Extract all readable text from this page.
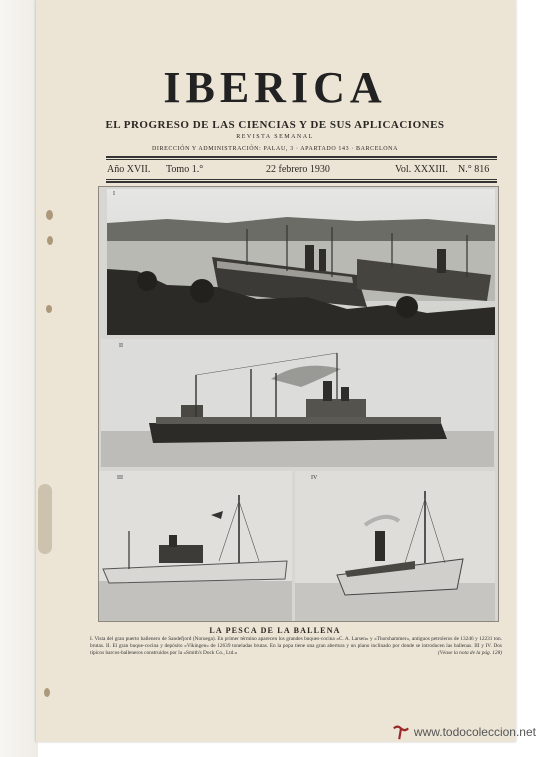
IBERICA
EL PROGRESO DE LAS CIENCIAS Y DE SUS APLICACIONES
REVISTA SEMANAL
DIRECCIÓN Y ADMINISTRACIÓN: PALAU, 3 · APARTADO 143 · BARCELONA
Año XVII. Tomo 1.°	22 febrero 1930	Vol. XXXIII. N.° 816
I
II
III	IV
LA PESCA DE LA BALLENA
I. Vista del gran puerto ballenero de Sandefjord (Noruega). En primer término aparecen los grandes buques-cocina «C. A. Larsen» y «Thorshammer», antiguos petroleros de 13246 y 12231 ton. brutas. II. El gran buque-cocina y depósito «Vikingen» de 12639 toneladas brutas. En la popa tiene una gran abertura y un plano inclinado por donde se introducen las ballenas. III y IV. Dos típicos barcos-balleneros construidos por la «Smith's Dock Co., Ltd.»	(Véase la nota de la pág. 128)
www.todocoleccion.net
